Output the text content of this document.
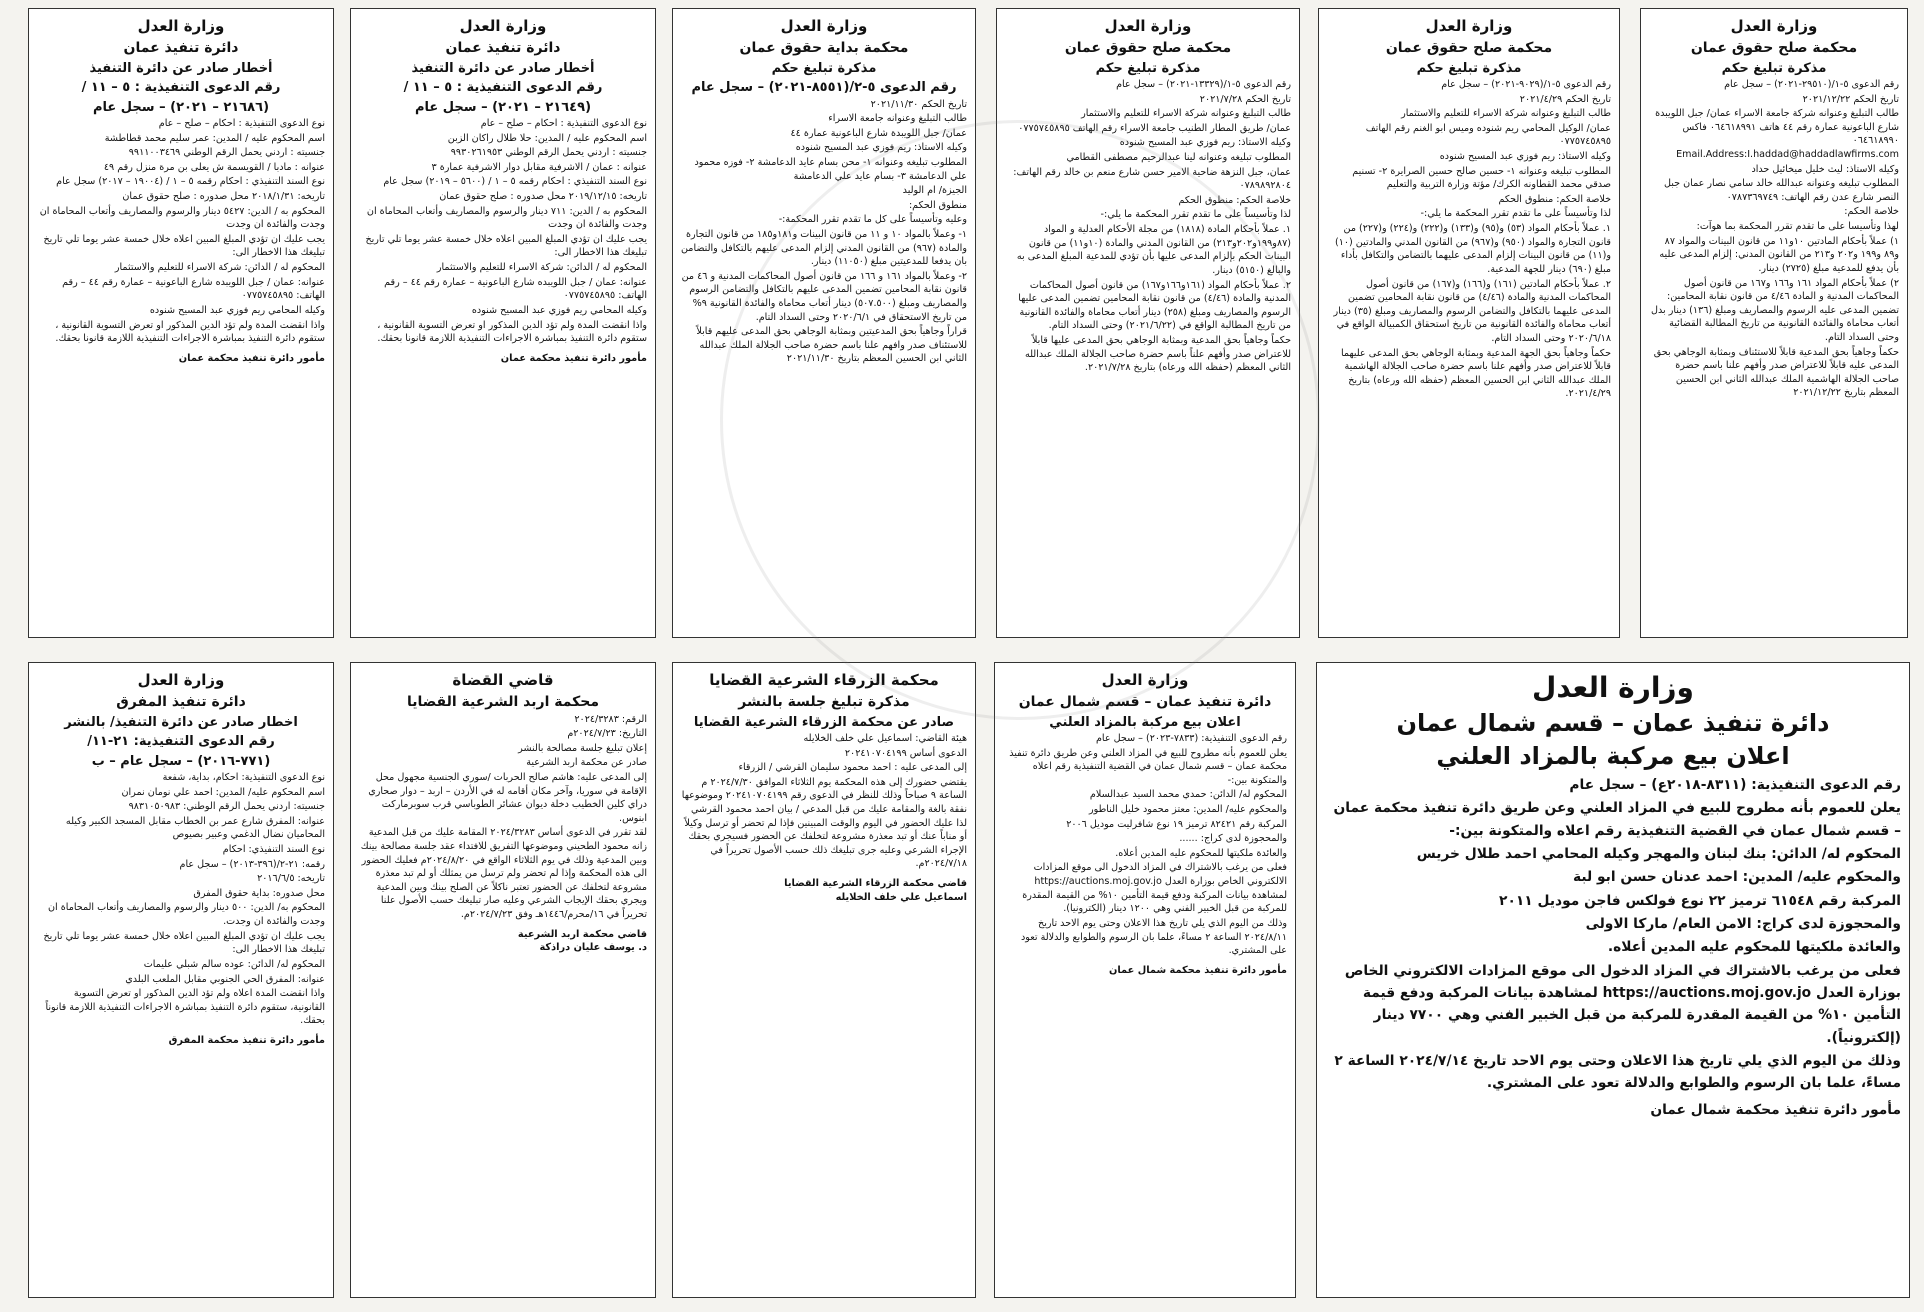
وزارة العدل
محكمة صلح حقوق عمان
مذكرة تبليغ حكم

رقم الدعوى ٥-١/(٢٩٥١٠-٢٠٢١) – سجل عام

تاريخ الحكم ٢٠٢١/١٢/٢٢

طالب التبليغ وعنوانه شركة جامعة الاسراء عمان/ جبل اللويبدة شارع الباعونية عمارة رقم ٤٤ هاتف ٠٦٤٦١٨٩٩١ فاكس ٠٦٤٦١٨٩٩٠ Email.Address:I.haddad@haddadlawfirms.com

وكيله الاستاذ: ليث خليل ميخائيل حداد

المطلوب تبليغه وعنوانه عبدالله خالد سامي نصار عمان جبل النصر شارع عدن رقم الهاتف: ٠٧٨٧٣٦٩٧٤٩

خلاصة الحكم:

لهذا وتأسيسا على ما تقدم تقرر المحكمة بما هوآت:

١) عملاً بأحكام المادتين ١٠و١١ من قانون البينات والمواد ٨٧ و٨٩ و١٩٩ و٢٠٢ و٢١٣ من القانون المدني: إلزام المدعى عليه بأن يدفع للمدعية مبلغ (٢٧٢٥) دينار.

٢) عملاً بأحكام المواد ١٦١ و١٦٦ و١٦٧ من قانون أصول المحاكمات المدنية و المادة ٤/٤٦ من قانون نقابة المحامين: تضمين المدعى عليه الرسوم والمصاريف ومبلغ (١٣٦) دينار بدل أتعاب محاماة والفائدة القانونية من تاريخ المطالبة القضائية وحتى السداد التام.

حكماً وجاهياً بحق المدعية قابلاً للاستئناف وبمثابة الوجاهي بحق المدعى عليه قابلاً للاعتراض صدر وأفهم علنا باسم حضرة صاحب الجلالة الهاشمية الملك عبدالله الثاني ابن الحسين المعظم بتاريخ ٢٠٢١/١٢/٢٢

وزارة العدل
محكمة صلح حقوق عمان
مذكرة تبليغ حكم

رقم الدعوى ٥-١/(٩٠٢٩-٢٠٢١) – سجل عام

تاريخ الحكم ٢٠٢١/٤/٢٩

طالب التبليغ وعنوانه شركة الاسراء للتعليم والاستثمار

عمان/ الوكيل المحامي ريم شنوده وميس ابو الغنم رقم الهاتف ٠٧٧٥٧٤٥٨٩٥

وكيله الاستاذ: ريم فوزي عبد المسيح شنوده

المطلوب تبليغه وعنوانه ١- حسين صالح حسين الصرايرة ٢- تسنيم صدقي محمد القطاونه الكرك/ مؤتة وزارة التربية والتعليم

خلاصة الحكم: منطوق الحكم

لذا وتأسيساً على ما تقدم تقرر المحكمة ما يلي:-

١. عملاً بأحكام المواد (٥٣) و(٩٥) و(١٣٣) و(٢٢٢) و(٢٢٤) و(٢٢٧) من قانون التجارة والمواد (٩٥٠) و(٩٦٧) من القانون المدني والمادتين (١٠) و(١١) من قانون البينات إلزام المدعى عليهما بالتضامن والتكافل بأداء مبلغ (٦٩٠) دينار للجهة المدعية.

٢. عملاً بأحكام المادتين (١٦١) و(١٦٦) و(١٦٧) من قانون أصول المحاكمات المدنية والمادة (٤/٤٦) من قانون نقابة المحامين تضمين المدعى عليهما بالتكافل والتضامن الرسوم والمصاريف ومبلغ (٣٥) دينار أتعاب محاماة والفائدة القانونية من تاريخ استحقاق الكمبيالة الواقع في ٢٠٢٠/٦/١٨ وحتى السداد التام.

حكماً وجاهياً بحق الجهة المدعية وبمثابة الوجاهي بحق المدعى عليهما قابلاً للاعتراض صدر وأفهم علنا باسم حضرة صاحب الجلالة الهاشمية الملك عبدالله الثاني ابن الحسين المعظم (حفظه الله ورعاه) بتاريخ ٢٠٢١/٤/٢٩.

وزارة العدل
محكمة صلح حقوق عمان
مذكرة تبليغ حكم

رقم الدعوى ٥-١/(١٣٣٢٩-٢٠٢١) – سجل عام

تاريخ الحكم ٢٠٢١/٧/٢٨

طالب التبليغ وعنوانه شركة الاسراء للتعليم والاستثمار

عمان/ طريق المطار الطنيب جامعة الاسراء رقم الهاتف ٠٧٧٥٧٤٥٨٩٥

وكيله الاستاذ: ريم فوزي عبد المسيح شنوده

المطلوب تبليغه وعنوانه لينا عبدالرحيم مصطفى القطامي

عمان، جبل النزهة ضاحية الامير حسن شارع منعم بن خالد رقم الهاتف: ٠٧٨٩٨٩٢٨٠٤

خلاصة الحكم: منطوق الحكم

لذا وتأسيساً على ما تقدم تقرر المحكمة ما يلي:-

١. عملاً بأحكام المادة (١٨١٨) من مجلة الأحكام العدلية و المواد (٨٧و١٩٩و٢٠٢و٢١٣) من القانون المدني والمادة (١٠و١١) من قانون البينات الحكم بإلزام المدعى عليها بأن تؤدي للمدعية المبلغ المدعى به والبالغ (٥١٥٠) دينار.

٢. عملاً بأحكام المواد (١٦١و١٦٦و١٦٧) من قانون أصول المحاكمات المدنية والمادة (٤/٤٦) من قانون نقابة المحامين تضمين المدعى عليها الرسوم والمصاريف ومبلغ (٢٥٨) دينار أتعاب محاماة والفائدة القانونية من تاريخ المطالبة الواقع في (٢٠٢١/٦/٢٢) وحتى السداد التام.

حكماً وجاهياً بحق المدعية وبمثابة الوجاهي بحق المدعى عليها قابلاً للاعتراض صدر وأفهم علناً باسم حضرة صاحب الجلالة الملك عبدالله الثاني المعظم (حفظه الله ورعاه) بتاريخ ٢٠٢١/٧/٢٨.

وزارة العدل
محكمة بداية حقوق عمان
مذكرة تبليغ حكم
رقم الدعوى ٥-٢/(٨٥٥١-٢٠٢١) – سجل عام

تاريخ الحكم ٢٠٢١/١١/٣٠

طالب التبليغ وعنوانه جامعة الاسراء

عمان/ جبل اللويبدة شارع الباعونية عمارة ٤٤

وكيله الاستاذ: ريم فوزي عبد المسيح شنوده

المطلوب تبليغه وعنوانه ١- محن بسام عايد الدعامشة ٢- فوزه محمود علي الدعامشة ٣- بسام عايد علي الدعامشة

الجيزة/ ام الوليد

منطوق الحكم:

وعليه وتأسيساً على كل ما تقدم تقرر المحكمة:-

١- وعملاً بالمواد ١٠ و ١١ من قانون البينات و١٨١و١٨٥ من قانون التجارة والمادة (٩٦٧) من القانون المدني إلزام المدعى عليهم بالتكافل والتضامن بان يدفعا للمدعيتين مبلغ (١١٠٥٠) دينار.

٢- وعملاً بالمواد ١٦١ و ١٦٦ من قانون أصول المحاكمات المدنية و ٤٦ من قانون نقابة المحامين تضمين المدعى عليهم بالتكافل والتضامن الرسوم والمصاريف ومبلغ (٥٠٧.٥٠٠) دينار أتعاب محاماة والفائدة القانونية ٩% من تاريخ الاستحقاق في ٢٠٢٠/٦/١ وحتى السداد التام.

قراراً وجاهياً بحق المدعيتين وبمثابة الوجاهي بحق المدعى عليهم قابلاً للاستئناف صدر وافهم علنا باسم حضرة صاحب الجلالة الملك عبدالله الثاني ابن الحسين المعظم بتاريخ ٢٠٢١/١١/٣٠

وزارة العدل
دائرة تنفيذ عمان
أخطار صادر عن دائرة التنفيذ
رقم الدعوى التنفيذية : ٥ – ١١ /
(٢١٦٤٩ – ٢٠٢١) – سجل عام

نوع الدعوى التنفيذية : احكام – صلح – عام

اسم المحكوم عليه / المدين: حلا طلال راكان الزبن

جنسيته : اردني يحمل الرقم الوطني ٩٩٣٠٢٦١٩٥٣

عنوانه : عمان / الاشرفية مقابل دوار الاشرفية عمارة ٣

نوع السند التنفيذي : احكام رقمه ٥ – ١ / (٥٦٠٠ – ٢٠١٩) سجل عام

تاريخه: ٢٠١٩/١٢/١٥ محل صدوره : صلح حقوق عمان

المحكوم به / الدين: ٧١١ دينار والرسوم والمصاريف وأتعاب المحاماة ان وجدت والفائدة ان وجدت

يجب عليك ان تؤدي المبلغ المبين اعلاه خلال خمسة عشر يوما تلي تاريخ تبليغك هذا الاخطار الى:

المحكوم له / الدائن: شركة الاسراء للتعليم والاستثمار

عنوانه: عمان / جبل اللويبده شارع الباعونية – عمارة رقم ٤٤ – رقم الهاتف: ٠٧٧٥٧٤٥٨٩٥

وكيله المحامي ريم فوزي عبد المسيح شنوده

واذا انقضت المدة ولم تؤد الدين المذكور او تعرض التسوية القانونية ، ستقوم دائرة التنفيذ بمباشرة الاجراءات التنفيذية اللازمة قانونا بحقك.

مأمور دائرة تنفيذ محكمة عمان

وزارة العدل
دائرة تنفيذ عمان
أخطار صادر عن دائرة التنفيذ
رقم الدعوى التنفيذية : ٥ – ١١ /
(٢١٦٨٦ – ٢٠٢١) – سجل عام

نوع الدعوى التنفيذية : احكام – صلح – عام

اسم المحكوم عليه / المدين: عمر سليم محمد قطاطشة

جنسيته : اردني يحمل الرقم الوطني ٩٩١١٠٠٣٤٦٩

عنوانه : مادبا / القويسمة ش يعلى بن مرة منزل رقم ٤٩

نوع السند التنفيذي : احكام رقمه ٥ – ١ / (١٩٠٠٤ – ٢٠١٧) سجل عام

تاريخه: ٢٠١٨/١/٣١ محل صدوره : صلح حقوق عمان

المحكوم به / الدين: ٥٤٢٧ دينار والرسوم والمصاريف وأتعاب المحاماة ان وجدت والفائدة ان وجدت

يجب عليك ان تؤدي المبلغ المبين اعلاه خلال خمسة عشر يوما تلي تاريخ تبليغك هذا الاخطار الى:

المحكوم له / الدائن: شركة الاسراء للتعليم والاستثمار

عنوانه: عمان / جبل اللويبده شارع الباعونية – عمارة رقم ٤٤ – رقم الهاتف: ٠٧٧٥٧٤٥٨٩٥

وكيله المحامي ريم فوزي عبد المسيح شنوده

واذا انقضت المدة ولم تؤد الدين المذكور او تعرض التسوية القانونية ، ستقوم دائرة التنفيذ بمباشرة الاجراءات التنفيذية اللازمة قانونا بحقك.

مأمور دائرة تنفيذ محكمة عمان

وزارة العدل
دائرة تنفيذ عمان – قسم شمال عمان
اعلان بيع مركبة بالمزاد العلني

رقم الدعوى التنفيذية: (٨٣١١-٢٠١٨ع) – سجل عام

يعلن للعموم بأنه مطروح للبيع في المزاد العلني وعن طريق دائرة تنفيذ محكمة عمان – قسم شمال عمان في القضية التنفيذية رقم اعلاه والمتكونة بين:-

المحكوم له/ الدائن: بنك لبنان والمهجر وكيله المحامي احمد طلال خريس

والمحكوم عليه/ المدين: احمد عدنان حسن ابو لبة

المركبة رقم ٦١٥٤٨ ترميز ٢٢ نوع فولكس فاجن موديل ٢٠١١

والمحجوزة لدى كراج: الامن العام/ ماركا الاولى

والعائدة ملكيتها للمحكوم عليه المدين أعلاه.

فعلى من يرغب بالاشتراك في المزاد الدخول الى موقع المزادات الالكتروني الخاص بوزارة العدل https://auctions.moj.gov.jo لمشاهدة بيانات المركبة ودفع قيمة التأمين ١٠% من القيمة المقدرة للمركبة من قبل الخبير الفني وهي ٧٧٠٠ دينار (إلكترونياً).

وذلك من اليوم الذي يلي تاريخ هذا الاعلان وحتى يوم الاحد تاريخ ٢٠٢٤/٧/١٤ الساعة ٢ مساءً، علما بان الرسوم والطوابع والدلالة تعود على المشتري.

مأمور دائرة تنفيذ محكمة شمال عمان

وزارة العدل
دائرة تنفيذ عمان – قسم شمال عمان
اعلان بيع مركبة بالمزاد العلني

رقم الدعوى التنفيذية: (٧٨٣٣-٢٠٢٣) – سجل عام

يعلن للعموم بأنه مطروح للبيع في المزاد العلني وعن طريق دائرة تنفيذ محكمة عمان – قسم شمال عمان في القضية التنفيذية رقم اعلاه والمتكونة بين:-

المحكوم له/ الدائن: حمدي محمد السيد عبدالسلام

والمحكوم عليه/ المدين: معتز محمود خليل الناطور

المركبة رقم ٨٢٤٢١ ترميز ١٩ نوع شافرليت موديل ٢٠٠٦

والمحجوزة لدى كراج: ......

والعائدة ملكيتها للمحكوم عليه المدين أعلاه.

فعلى من يرغب بالاشتراك في المزاد الدخول الى موقع المزادات الالكتروني الخاص بوزارة العدل https://auctions.moj.gov.jo لمشاهدة بيانات المركبة ودفع قيمة التأمين ١٠% من القيمة المقدرة للمركبة من قبل الخبير الفني وهي ١٢٠٠ دينار (الكترونيا).

وذلك من اليوم الذي يلي تاريخ هذا الاعلان وحتى يوم الاحد تاريخ ٢٠٢٤/٨/١١ الساعة ٢ مساءً، علما بان الرسوم والطوابع والدلالة تعود على المشتري.

مأمور دائرة تنفيذ محكمة شمال عمان

محكمة الزرقاء الشرعية القضايا
مذكرة تبليغ جلسة بالنشر
صادر عن محكمة الزرقاء الشرعية القضايا

هيئة القاضي: اسماعيل علي خلف الخلايله

الدعوى أساس ٢٠٢٤١٠٧٠٤١٩٩

إلى المدعى عليه : احمد محمود سليمان القرشي / الزرقاء

يقتضي حضورك إلى هذه المحكمة يوم الثلاثاء الموافق ٢٠٢٤/٧/٣٠ م الساعة ٩ صباحاً وذلك للنظر في الدعوى رقم ٢٠٢٤١٠٧٠٤١٩٩ وموضوعها نفقة بالغة والمقامة عليك من قبل المدعي / بيان احمد محمود القرشي لذا عليك الحضور في اليوم والوقت المبينين فإذا لم تحضر أو ترسل وكيلاً أو مناباً عنك أو تبد معذرة مشروعة لتخلفك عن الحضور فسيجري بحقك الإجراء الشرعي وعليه جرى تبليغك ذلك حسب الأصول تحريراً في ٢٠٢٤/٧/١٨م.

قاضي محكمة الزرقاء الشرعية القضايا

اسماعيل علي خلف الخلايله

قاضي القضاة
محكمة اربد الشرعية القضايا

الرقم: ٢٠٢٤/٣٢٨٣

التاريخ: ٢٠٢٤/٧/٢٣م

إعلان تبليغ جلسة مصالحة بالنشر

صادر عن محكمة اربد الشرعية

إلى المدعى عليه: هاشم صالح الحربات /سوري الجنسية مجهول محل الإقامة في سوريا، وآخر مكان أقامه له في الأردن – اربد – دوار صحاري دراي كلين الخطيب دخلة ديوان عشائر الطوباسي قرب سوبرماركت ابنوس.

لقد تقرر في الدعوى أساس ٢٠٢٤/٣٢٨٣ المقامة عليك من قبل المدعية زانه محمود الطحيني وموضوعها التفريق للافتداء عقد جلسة مصالحة بينك وبين المدعية وذلك في يوم الثلاثاء الواقع في ٢٠٢٤/٨/٢٠م فعليك الحضور الى هذه المحكمة وإذا لم تحضر ولم ترسل من يمثلك أو لم تبد معذرة مشروعة لتخلفك عن الحضور تعتبر ناكلاً عن الصلح بينك وبين المدعية ويجري بحقك الإيجاب الشرعي وعليه صار تبليغك حسب الأصول علنا تحريراً في ١٦/محرم/١٤٤٦هـ وفق ٢٠٢٤/٧/٢٣م.

قاضي محكمة اربد الشرعية

د. يوسف عليان دراذكة

وزارة العدل
دائرة تنفيذ المفرق
اخطار صادر عن دائرة التنفيذ/ بالنشر
رقم الدعوى التنفيذية: ٢١-١١/
(٧٧١-٢٠١٦) – سجل عام – ب

نوع الدعوى التنفيذية: احكام، بداية، شفعة

اسم المحكوم عليه/ المدين: احمد علي نومان نمران

جنسيته: اردني يحمل الرقم الوطني: ٩٨٣١٠٥٠٩٨٣

عنوانه: المفرق شارع عمر بن الخطاب مقابل المسجد الكبير وكيله المحاميان نضال الدغمي وعبير بصيوص

نوع السند التنفيذي: احكام

رقمه: ٢١-٢/(٣٩٦-٢٠١٣) – سجل عام

تاريخه: ٢٠١٦/٦/٥

محل صدوره: بداية حقوق المفرق

المحكوم به/ الدين: ٥٠٠ دينار والرسوم والمصاريف وأتعاب المحاماة ان وجدت والفائدة ان وجدت.

يجب عليك ان تؤدي المبلغ المبين اعلاه خلال خمسة عشر يوما تلي تاريخ تبليغك هذا الاخطار الى:

المحكوم له/ الدائن: عوده سالم شبلي عليمات

عنوانه: المفرق الحي الجنوبي مقابل الملعب البلدي

واذا انقضت المدة اعلاه ولم تؤد الدين المذكور او تعرض التسوية القانونية، ستقوم دائرة التنفيذ بمباشرة الاجراءات التنفيذية اللازمة قانوناً بحقك.

مأمور دائرة تنفيذ محكمة المفرق
